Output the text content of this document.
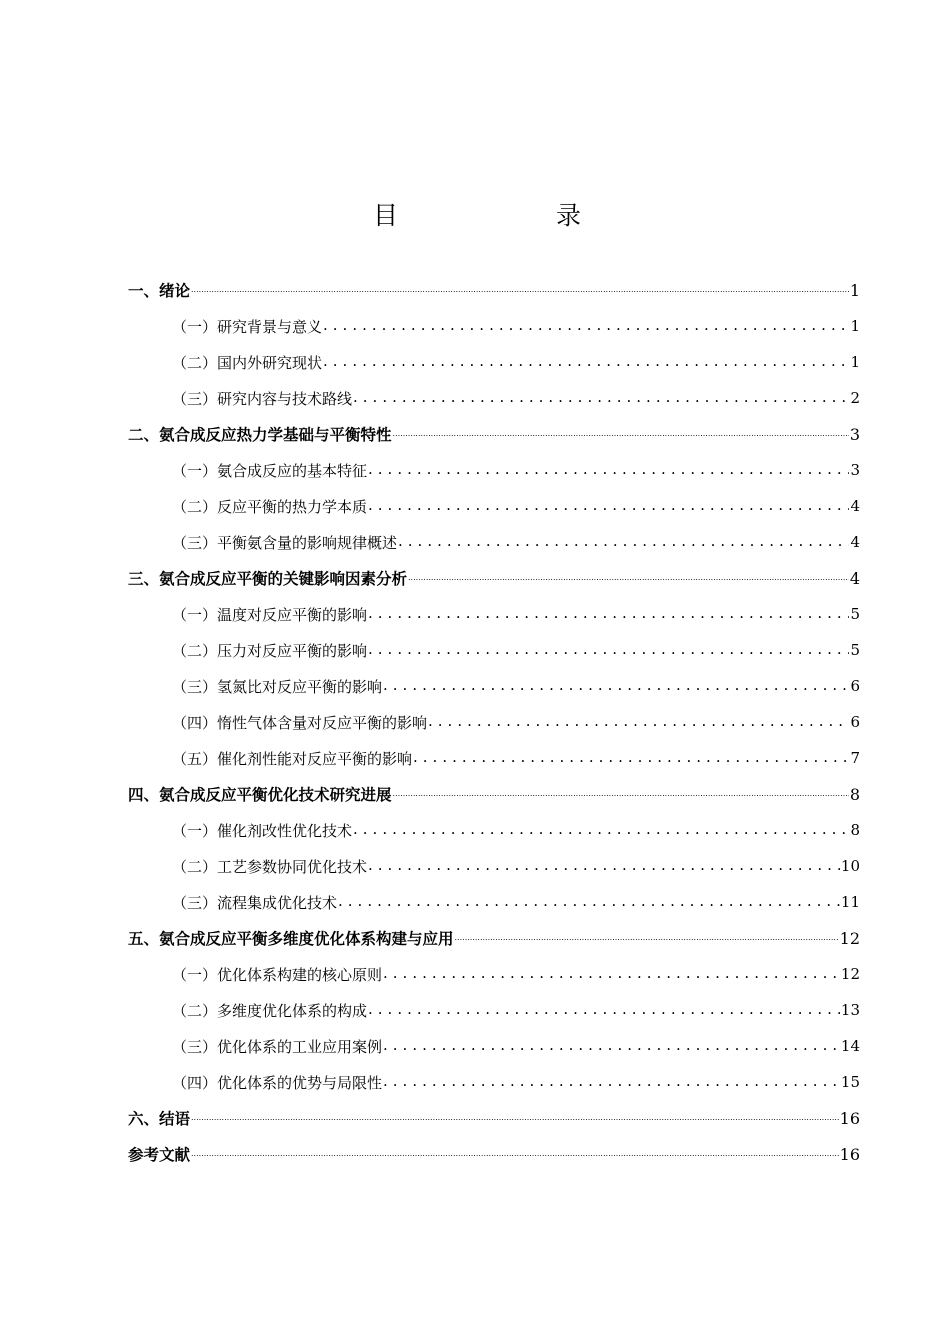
目　　录
一、绪论 .....	1
（一）研究背景与意义 .....	1
（二）国内外研究现状 .....	1
（三）研究内容与技术路线 .....	2
二、氨合成反应热力学基础与平衡特性 .....	3
（一）氨合成反应的基本特征 .....	3
（二）反应平衡的热力学本质 .....	4
（三）平衡氨含量的影响规律概述 .....	4
三、氨合成反应平衡的关键影响因素分析 .....	4
（一）温度对反应平衡的影响 .....	5
（二）压力对反应平衡的影响 .....	5
（三）氢氮比对反应平衡的影响 .....	6
（四）惰性气体含量对反应平衡的影响 .....	6
（五）催化剂性能对反应平衡的影响 .....	7
四、氨合成反应平衡优化技术研究进展 .....	8
（一）催化剂改性优化技术 .....	8
（二）工艺参数协同优化技术 .....	10
（三）流程集成优化技术 .....	11
五、氨合成反应平衡多维度优化体系构建与应用 .....	12
（一）优化体系构建的核心原则 .....	12
（二）多维度优化体系的构成 .....	13
（三）优化体系的工业应用案例 .....	14
（四）优化体系的优势与局限性 .....	15
六、结语 .....	16
参考文献 .....	16
